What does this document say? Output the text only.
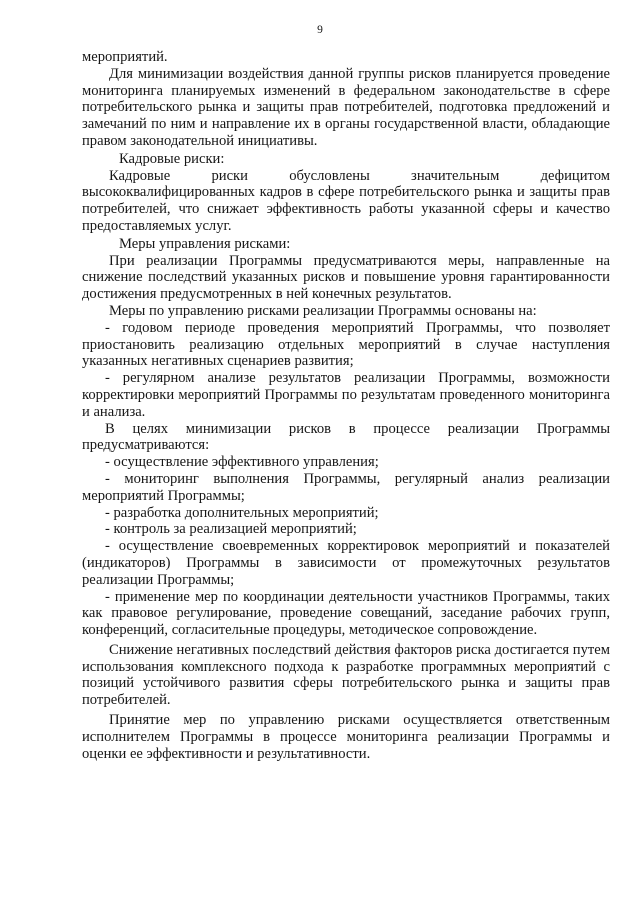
9

мероприятий.

Для минимизации воздействия данной группы рисков планируется проведение мониторинга планируемых изменений в федеральном законодательстве в сфере потребительского рынка и защиты прав потребителей, подготовка предложений и замечаний по ним и направление их в органы государственной власти, обладающие правом законодательной инициативы.

Кадровые риски:

Кадровые риски обусловлены значительным дефицитом высококвалифицированных кадров в сфере потребительского рынка и защиты прав потребителей, что снижает эффективность работы указанной сферы и качество предоставляемых услуг.

Меры управления рисками:

При реализации Программы предусматриваются меры, направленные на снижение последствий указанных рисков и повышение уровня гарантированности достижения предусмотренных в ней конечных результатов.

Меры по управлению рисками реализации Программы основаны на:

- годовом периоде проведения мероприятий Программы, что позволяет приостановить реализацию отдельных мероприятий в случае наступления указанных негативных сценариев развития;

- регулярном анализе результатов реализации Программы, возможности корректировки мероприятий Программы по результатам проведенного мониторинга и анализа.

В целях минимизации рисков в процессе реализации Программы предусматриваются:

- осуществление эффективного управления;

- мониторинг выполнения Программы, регулярный анализ реализации мероприятий Программы;

- разработка дополнительных мероприятий;

- контроль за реализацией мероприятий;

- осуществление своевременных корректировок мероприятий и показателей (индикаторов) Программы в зависимости от промежуточных результатов реализации Программы;

- применение мер по координации деятельности участников Программы, таких как правовое регулирование, проведение совещаний, заседание рабочих групп, конференций, согласительные процедуры, методическое сопровождение.

Снижение негативных последствий действия факторов риска достигается путем использования комплексного подхода к разработке программных мероприятий с позиций устойчивого развития сферы потребительского рынка и защиты прав потребителей.

Принятие мер по управлению рисками осуществляется ответственным исполнителем Программы в процессе мониторинга реализации Программы и оценки ее эффективности и результативности.
